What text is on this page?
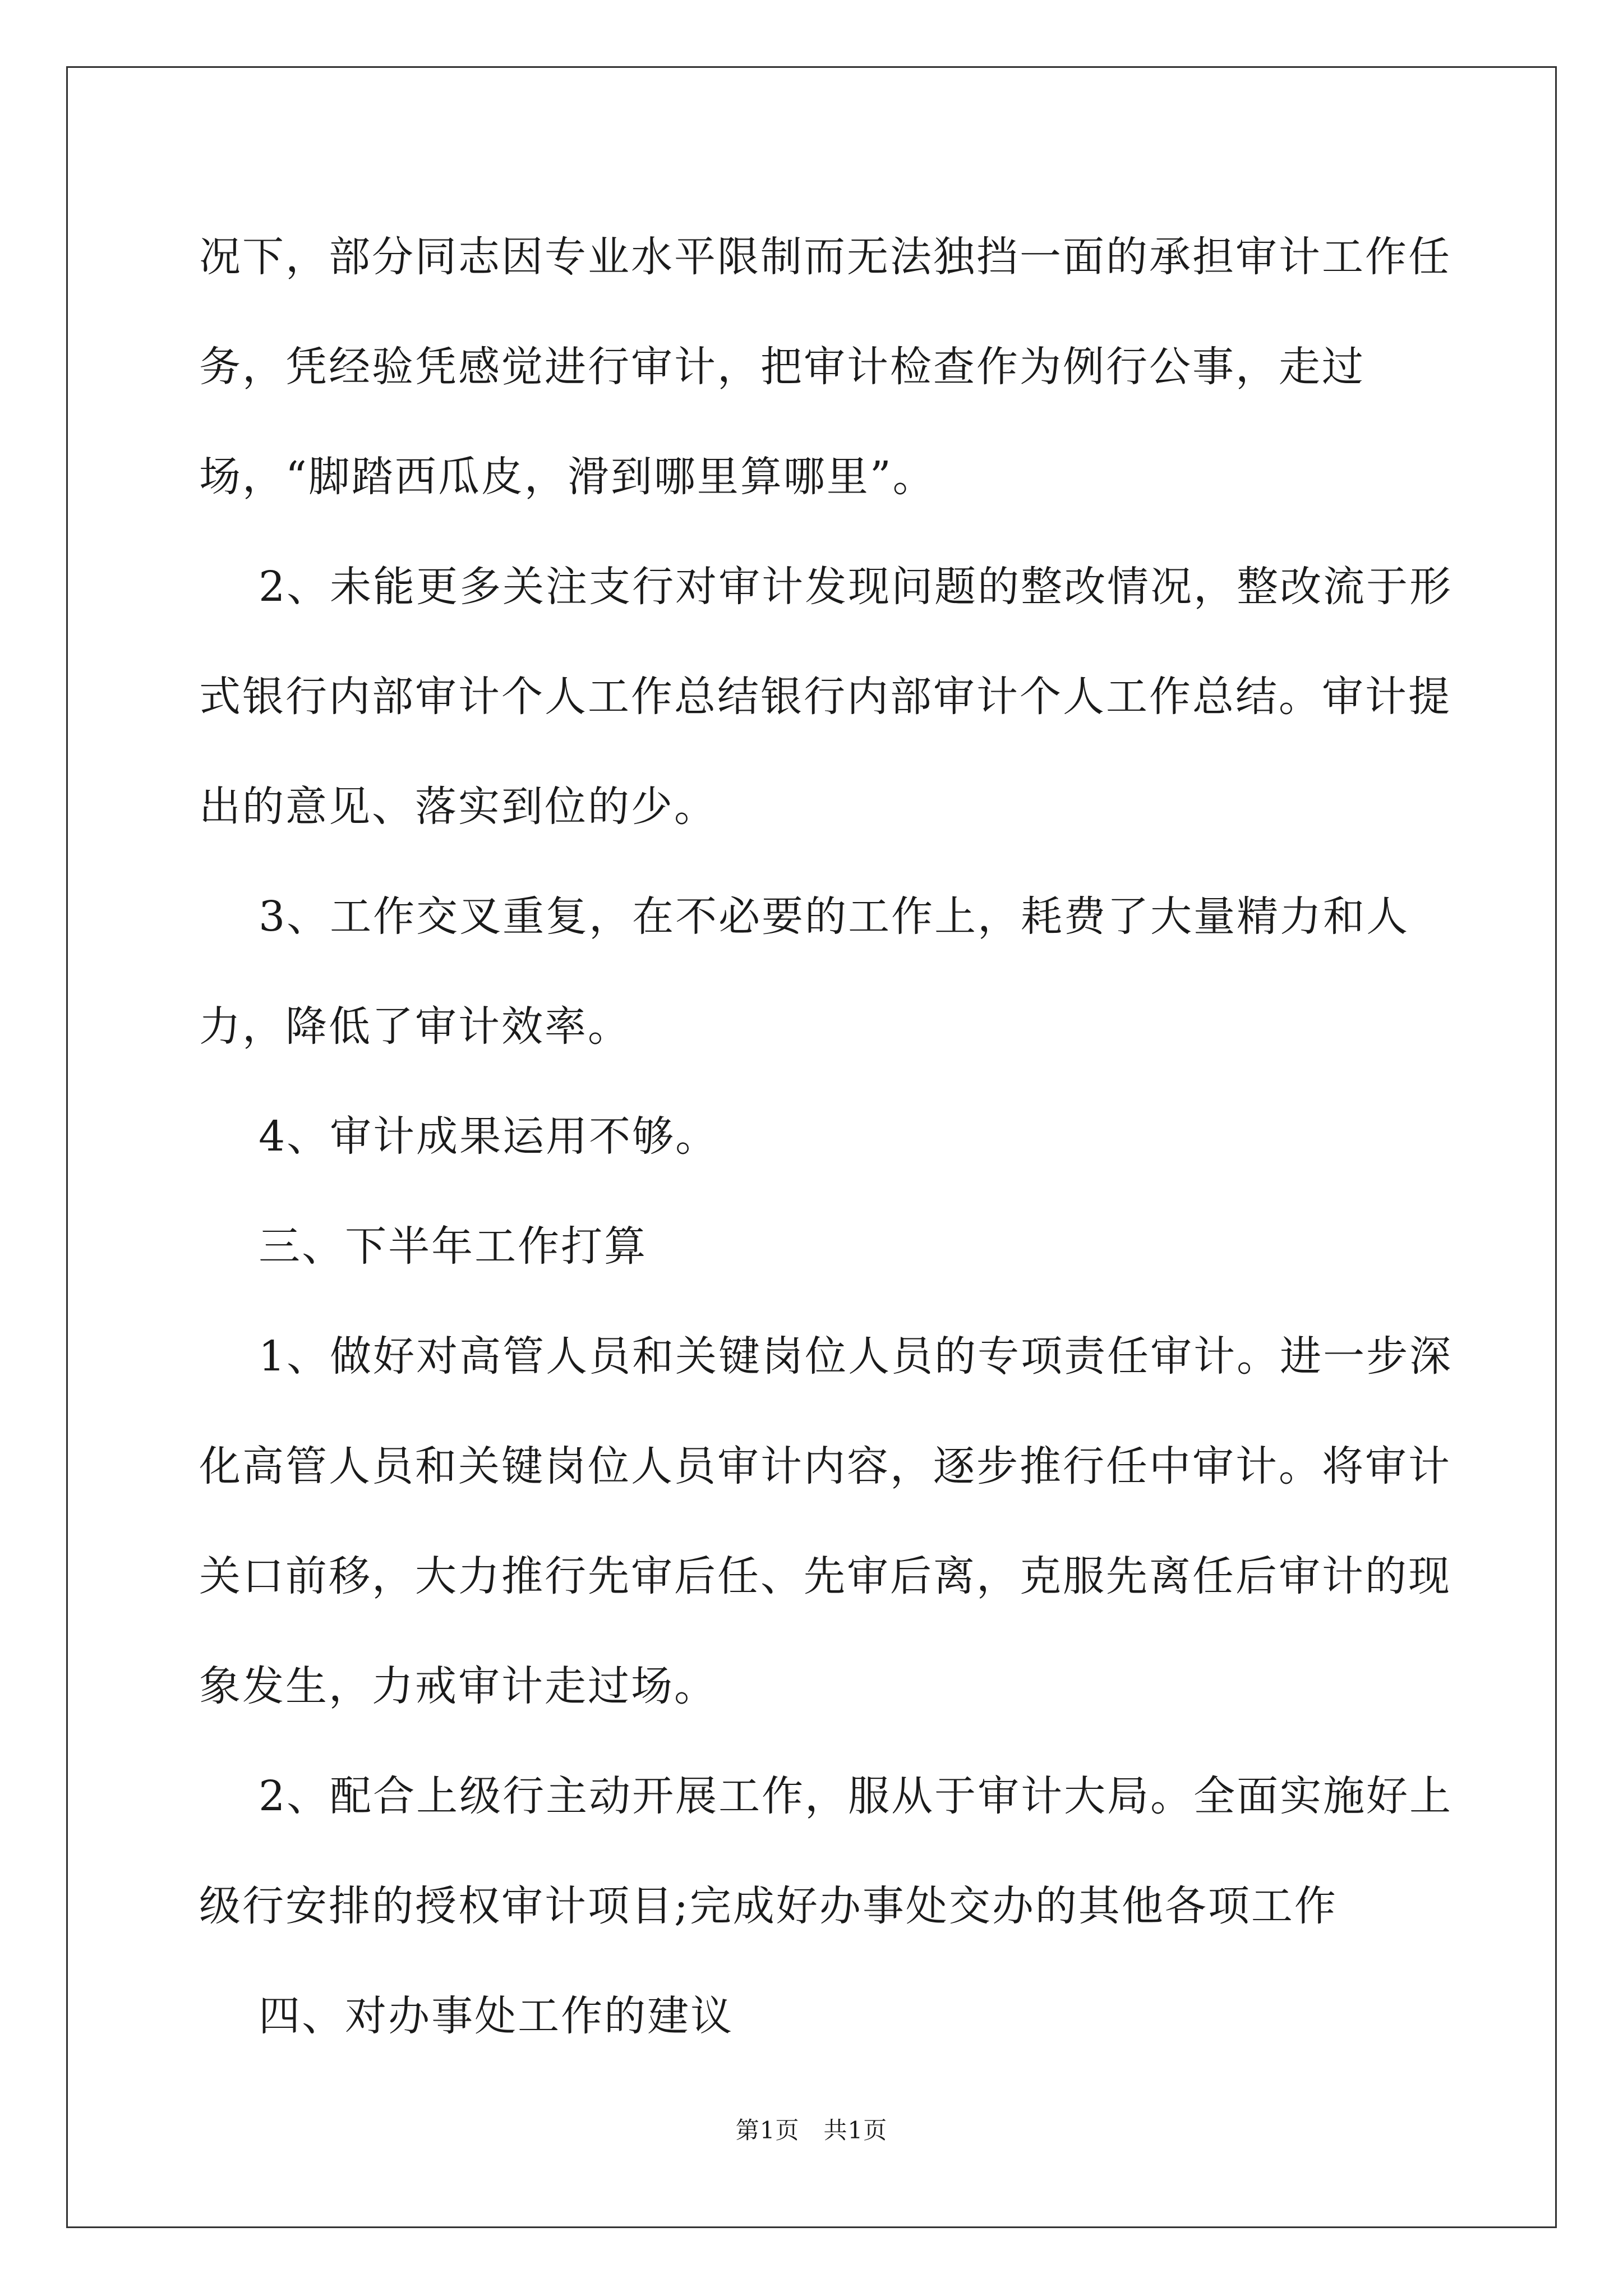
况下，部分同志因专业水平限制而无法独挡一面的承担审计工作任务，凭经验凭感觉进行审计，把审计检查作为例行公事，走过场，“脚踏西瓜皮，滑到哪里算哪里”。

2、未能更多关注支行对审计发现问题的整改情况，整改流于形式银行内部审计个人工作总结银行内部审计个人工作总结。审计提出的意见、落实到位的少。

3、工作交叉重复，在不必要的工作上，耗费了大量精力和人力，降低了审计效率。

4、审计成果运用不够。

三、下半年工作打算

1、做好对高管人员和关键岗位人员的专项责任审计。进一步深化高管人员和关键岗位人员审计内容，逐步推行任中审计。将审计关口前移，大力推行先审后任、先审后离，克服先离任后审计的现象发生，力戒审计走过场。

2、配合上级行主动开展工作，服从于审计大局。全面实施好上级行安排的授权审计项目;完成好办事处交办的其他各项工作

四、对办事处工作的建议

第1页　共1页
